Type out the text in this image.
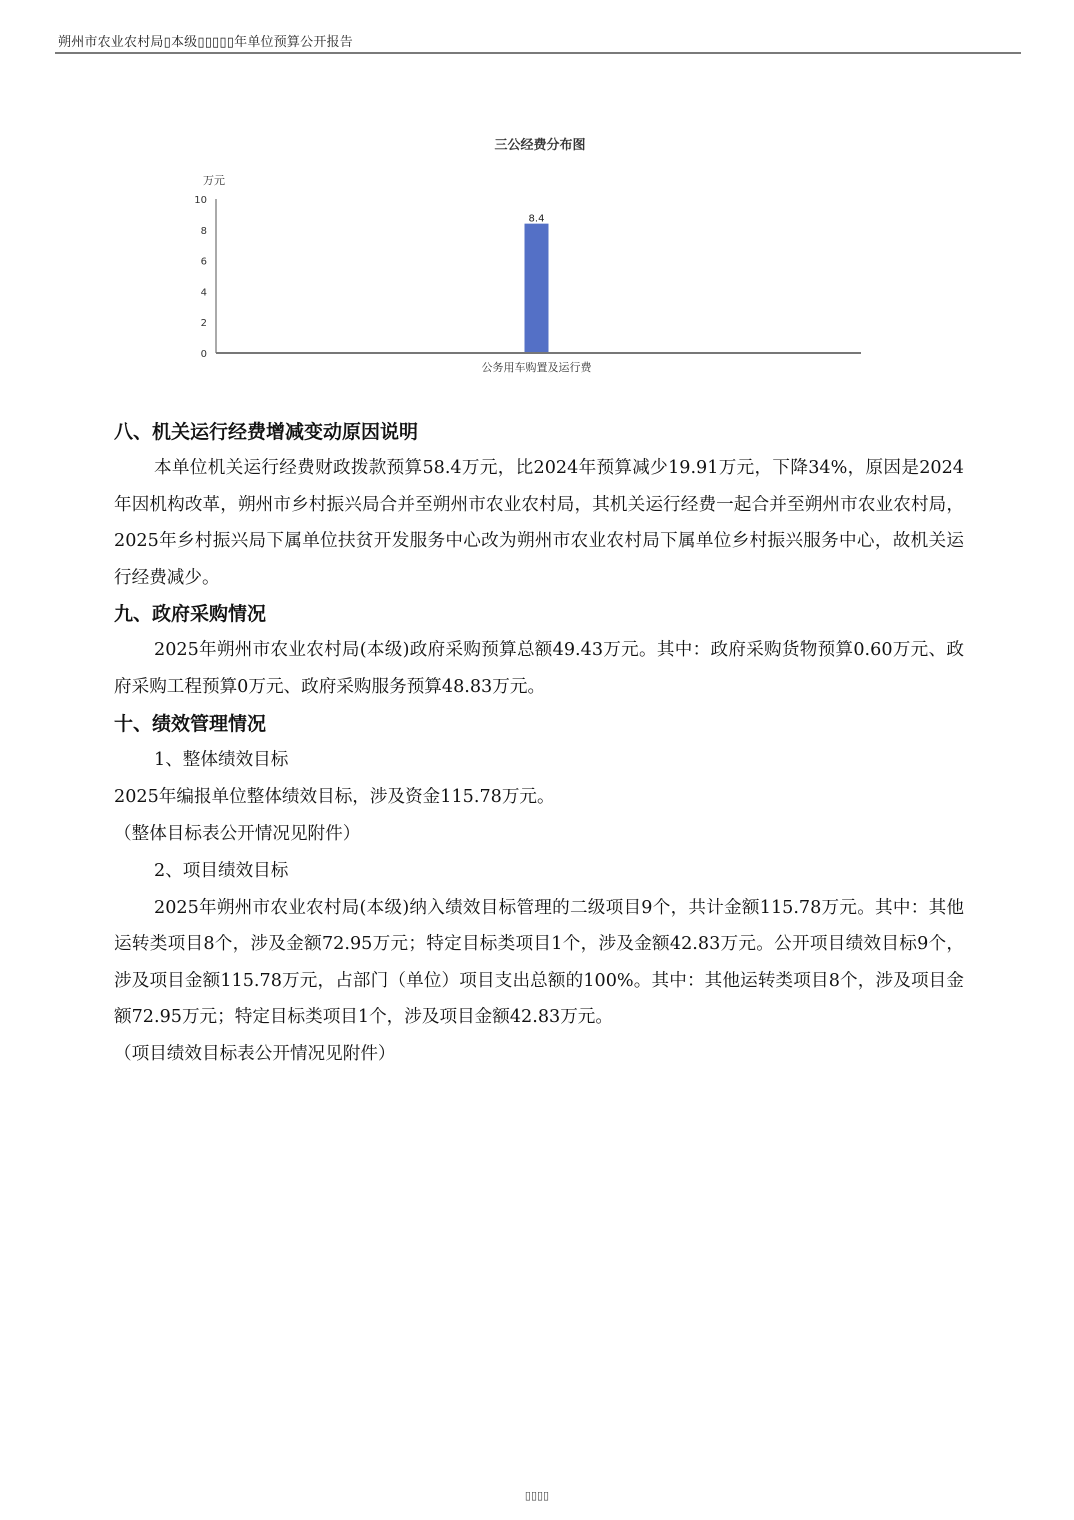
朔州市农业农村局▯本级▯▯▯▯▯年单位预算公开报告
三公经费分布图
万元
0
2
4
6
8
10
8.4
公务用车购置及运行费
八、机关运行经费增减变动原因说明

本单位机关运行经费财政拨款预算58.4万元，比2024年预算减少19.91万元，下降34%，原因是2024年因机构改革，朔州市乡村振兴局合并至朔州市农业农村局，其机关运行经费一起合并至朔州市农业农村局，2025年乡村振兴局下属单位扶贫开发服务中心改为朔州市农业农村局下属单位乡村振兴服务中心，故机关运行经费减少。

九、政府采购情况

2025年朔州市农业农村局(本级)政府采购预算总额49.43万元。其中：政府采购货物预算0.60万元、政府采购工程预算0万元、政府采购服务预算48.83万元。

十、绩效管理情况

1、整体绩效目标

2025年编报单位整体绩效目标，涉及资金115.78万元。

（整体目标表公开情况见附件）

2、项目绩效目标

2025年朔州市农业农村局(本级)纳入绩效目标管理的二级项目9个，共计金额115.78万元。其中：其他运转类项目8个，涉及金额72.95万元；特定目标类项目1个，涉及金额42.83万元。公开项目绩效目标9个，涉及项目金额115.78万元，占部门（单位）项目支出总额的100%。其中：其他运转类项目8个，涉及项目金额72.95万元；特定目标类项目1个，涉及项目金额42.83万元。

（项目绩效目标表公开情况见附件）

▯▯▯▯
